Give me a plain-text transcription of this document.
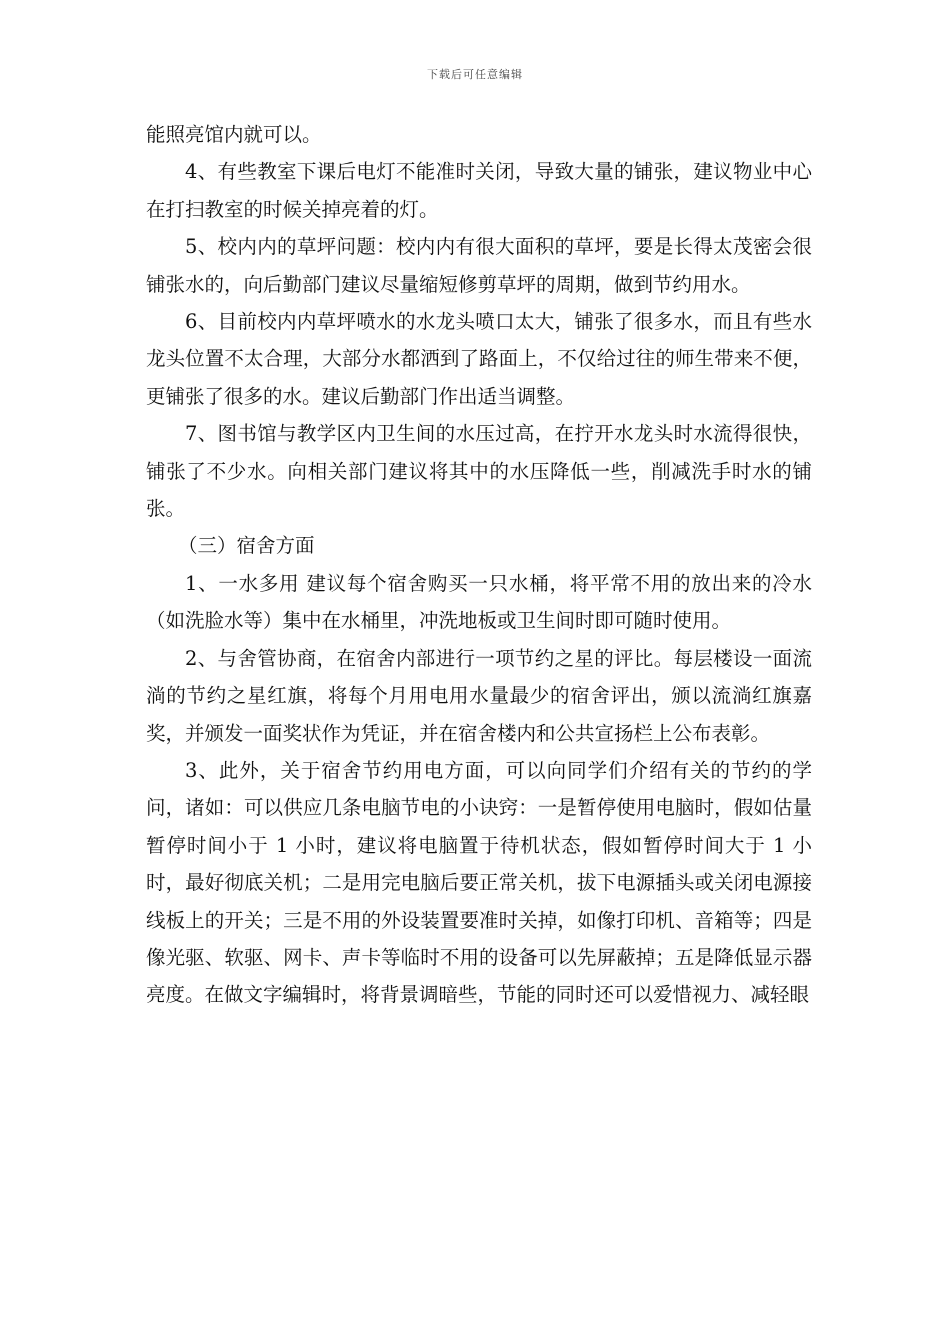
下载后可任意编辑

能照亮馆内就可以。

4、有些教室下课后电灯不能准时关闭，导致大量的铺张，建议物业中心在打扫教室的时候关掉亮着的灯。

5、校内内的草坪问题：校内内有很大面积的草坪，要是长得太茂密会很铺张水的，向后勤部门建议尽量缩短修剪草坪的周期，做到节约用水。

6、目前校内内草坪喷水的水龙头喷口太大，铺张了很多水，而且有些水龙头位置不太合理，大部分水都洒到了路面上，不仅给过往的师生带来不便，更铺张了很多的水。建议后勤部门作出适当调整。

7、图书馆与教学区内卫生间的水压过高，在拧开水龙头时水流得很快，铺张了不少水。向相关部门建议将其中的水压降低一些，削减洗手时水的铺张。

（三）宿舍方面

1、一水多用 建议每个宿舍购买一只水桶，将平常不用的放出来的冷水（如洗脸水等）集中在水桶里，冲洗地板或卫生间时即可随时使用。

2、与舍管协商，在宿舍内部进行一项节约之星的评比。每层楼设一面流淌的节约之星红旗，将每个月用电用水量最少的宿舍评出，颁以流淌红旗嘉奖，并颁发一面奖状作为凭证，并在宿舍楼内和公共宣扬栏上公布表彰。

3、此外，关于宿舍节约用电方面，可以向同学们介绍有关的节约的学问，诸如：可以供应几条电脑节电的小诀窍：一是暂停使用电脑时，假如估量暂停时间小于 1 小时，建议将电脑置于待机状态，假如暂停时间大于 1 小时，最好彻底关机；二是用完电脑后要正常关机，拔下电源插头或关闭电源接线板上的开关；三是不用的外设装置要准时关掉，如像打印机、音箱等；四是像光驱、软驱、网卡、声卡等临时不用的设备可以先屏蔽掉；五是降低显示器亮度。在做文字编辑时，将背景调暗些，节能的同时还可以爱惜视力、减轻眼
